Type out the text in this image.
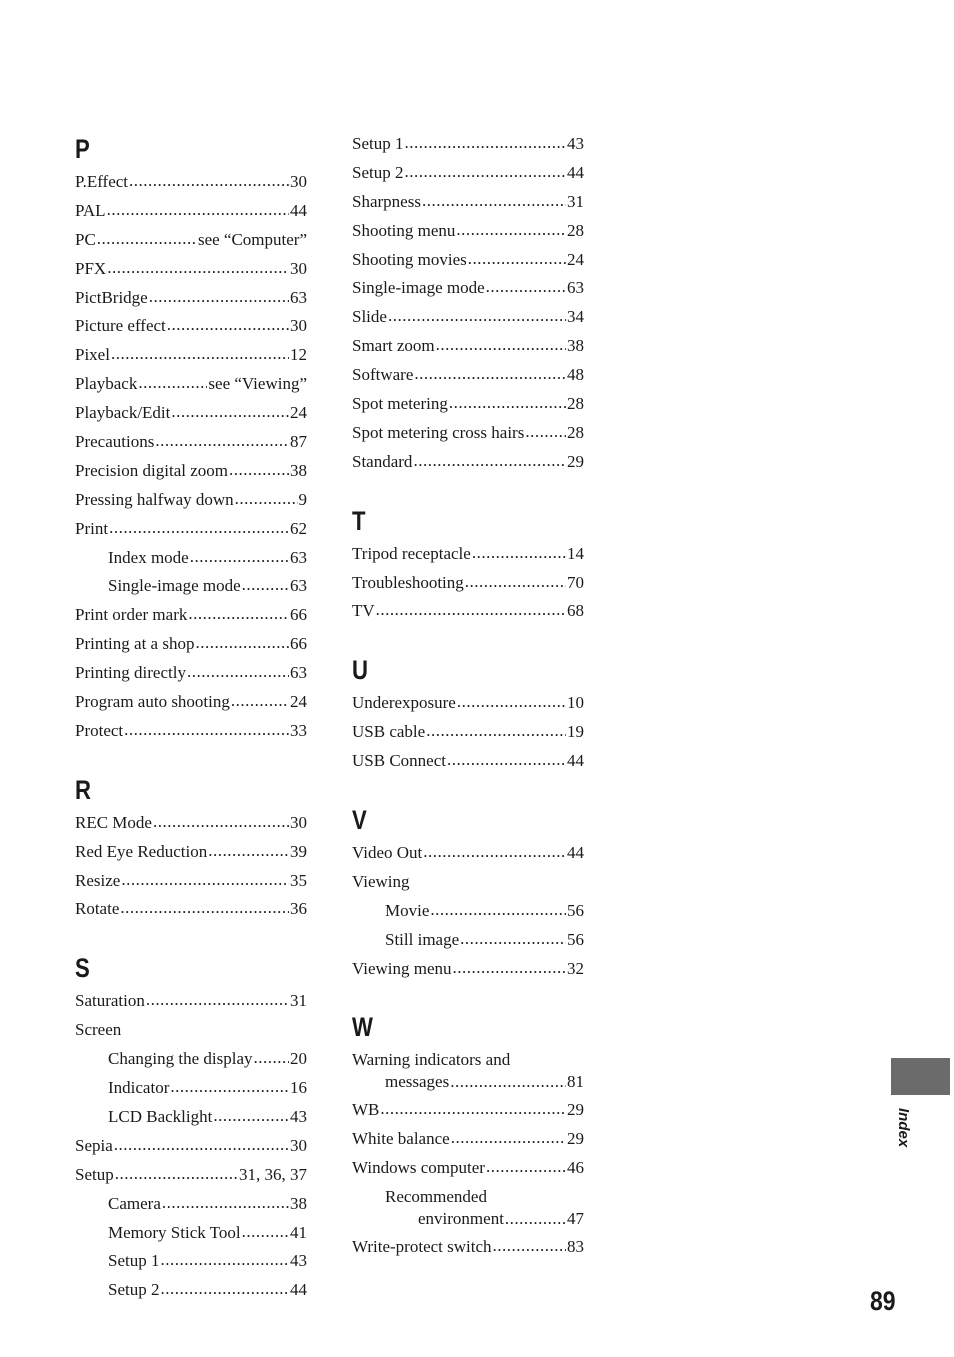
P
P.Effect .....	30
PAL .....	44
PC .....	see “Computer”
PFX .....	30
PictBridge .....	63
Picture effect .....	30
Pixel .....	12
Playback .....	see “Viewing”
Playback/Edit .....	24
Precautions .....	87
Precision digital zoom .....	38
Pressing halfway down .....	9
Print .....	62
Index mode .....	63
Single-image mode .....	63
Print order mark .....	66
Printing at a shop .....	66
Printing directly .....	63
Program auto shooting .....	24
Protect .....	33
R
REC Mode .....	30
Red Eye Reduction .....	39
Resize .....	35
Rotate .....	36
S
Saturation .....	31
Screen
Changing the display ..... 20
Indicator .....	16
LCD Backlight .....	43
Sepia .....	30
Setup .....	31, 36, 37
Camera .....	38
Memory Stick Tool .....	41
Setup 1 .....	43
Setup 2 .....	44
Setup 1 .....	43
Setup 2 .....	44
Sharpness .....	31
Shooting menu .....	28
Shooting movies .....	24
Single-image mode .....	63
Slide .....	34
Smart zoom .....	38
Software .....	48
Spot metering .....	28
Spot metering cross hairs .....	28
Standard .....	29
T
Tripod receptacle .....	14
Troubleshooting .....	70
TV .....	68
U
Underexposure .....	10
USB cable .....	19
USB Connect .....	44
V
Video Out .....	44
Viewing
Movie .....	56
Still image .....	56
Viewing menu .....	32
W
Warning indicators and
messages .....	81
WB .....	29
White balance .....	29
Windows computer .....	46
Recommended
environment .....	47
Write-protect switch .....	83
Index
89
